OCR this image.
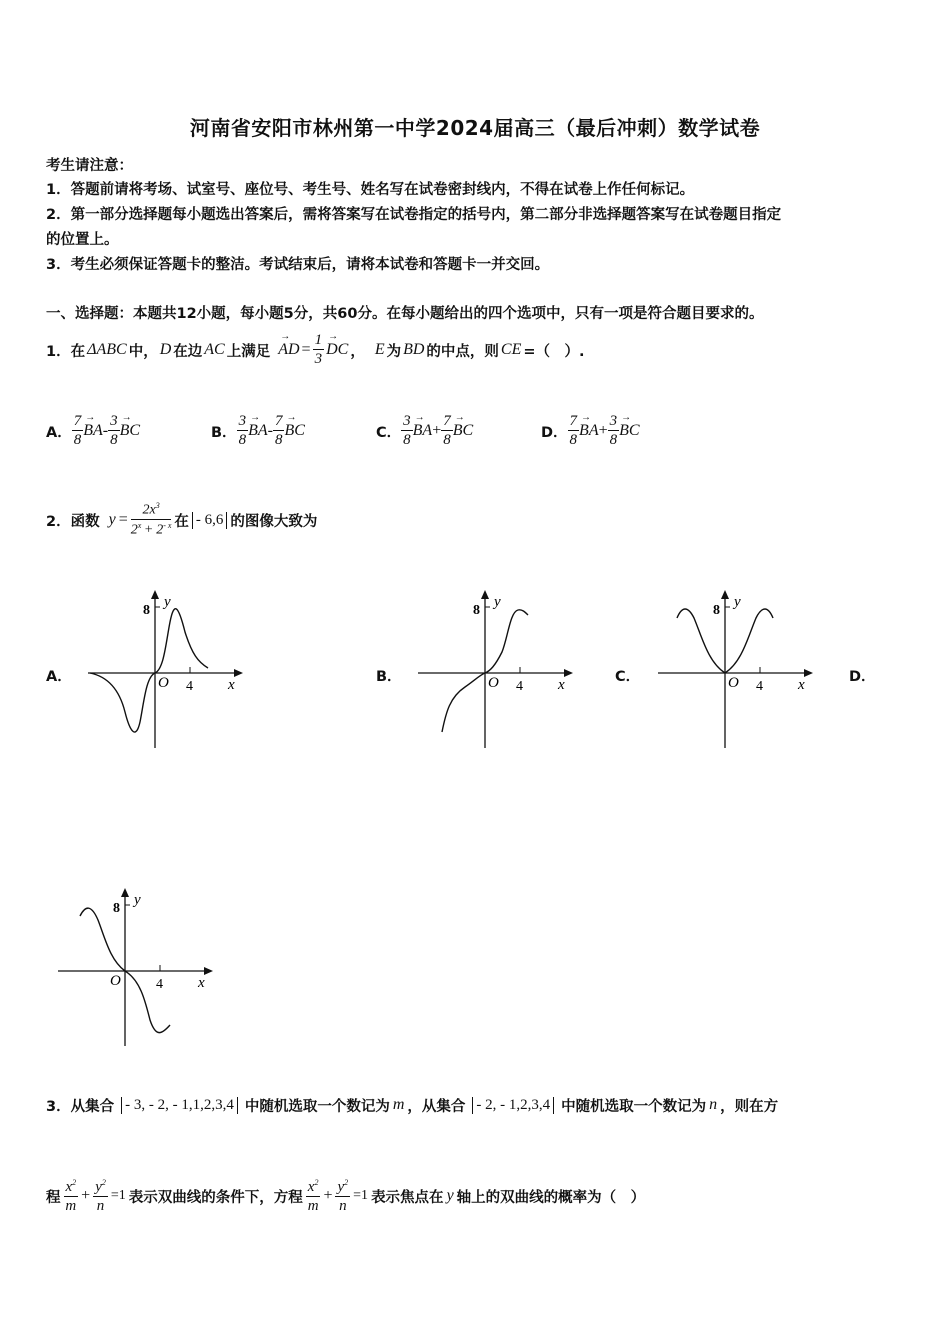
河南省安阳市林州第一中学2024届高三（最后冲刺）数学试卷
考生请注意：
1．答题前请将考场、试室号、座位号、考生号、姓名写在试卷密封线内，不得在试卷上作任何标记。
2．第一部分选择题每小题选出答案后，需将答案写在试卷指定的括号内，第二部分非选择题答案写在试卷题目指定
的位置上。
3．考生必须保证答题卡的整洁。考试结束后，请将本试卷和答题卡一并交回。
一、选择题：本题共12小题，每小题5分，共60分。在每小题给出的四个选项中，只有一项是符合题目要求的。
1．在 ΔABC 中， D 在边 AC 上满足 → AD = $\frac{1}{3}$ → DC ， E 为 BD 的中点，则 CE =（　）.
A． $\frac{7}{8}$ → BA - $\frac{3}{8}$ → BC	B． $\frac{3}{8}$ → BA - $\frac{7}{8}$ → BC	C． $\frac{3}{8}$ → BA + $\frac{7}{8}$ → BC	D． $\frac{7}{8}$ → BA + $\frac{3}{8}$ → BC
2．函数 $y = \frac{2x^3}{2^x + 2^{- x}}$ 在 - 6,6 的图像大致为
A．	B．	C．	D．
y
8
O 4 x
y
8
O 4 x
y
8
O 4 x
y
8
O	4 x
3．从集合 - 3, - 2, - 1,1,2,3,4 中随机选取一个数记为 m ，从集合 - 2, - 1,2,3,4 中随机选取一个数记为 n ，则在方
程 $\frac{x^2}{m} + \frac{y^2}{n} =1$ 表示双曲线的条件下，方程 $\frac{x^2}{m} + \frac{y^2}{n} =1$ 表示焦点在 y 轴上的双曲线的概率为（　）
